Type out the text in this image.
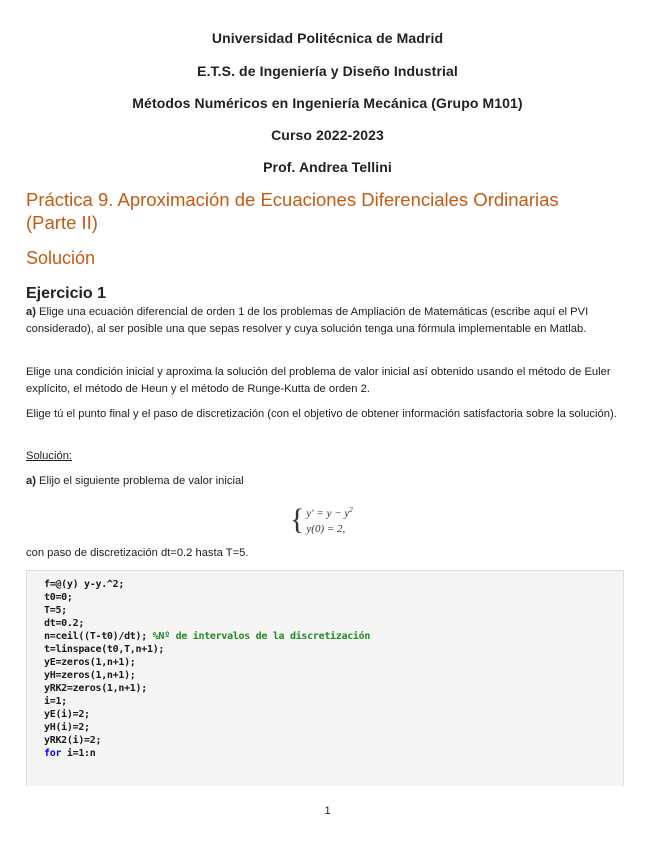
Universidad Politécnica de Madrid
E.T.S. de Ingeniería y Diseño Industrial
Métodos Numéricos en Ingeniería Mecánica (Grupo M101)
Curso 2022-2023
Prof. Andrea Tellini
Práctica 9. Aproximación de Ecuaciones Diferenciales Ordinarias
(Parte II)
Solución
Ejercicio 1
a) Elige una ecuación diferencial de orden 1 de los problemas de Ampliación de Matemáticas (escribe aquí el PVI considerado), al ser posible una que sepas resolver y cuya solución tenga una fórmula implementable en Matlab.
Elige una condición inicial y aproxima la solución del problema de valor inicial así obtenido usando el método de Euler explícito, el método de Heun y el método de Runge-Kutta de orden 2.
Elige tú el punto final y el paso de discretización (con el objetivo de obtener información satisfactoria sobre la solución).
Solución:
a) Elijo el siguiente problema de valor inicial
{ $y' = y - y^2$
y(0) = 2,
con paso de discretización dt=0.2 hasta T=5.
f=@(y) y-y.^2;
t0=0;
T=5;
dt=0.2;
n=ceil((T-t0)/dt); %Nº de intervalos de la discretización
t=linspace(t0,T,n+1);
yE=zeros(1,n+1);
yH=zeros(1,n+1);
yRK2=zeros(1,n+1);
i=1;
yE(i)=2;
yH(i)=2;
yRK2(i)=2;
for i=1:n
1
